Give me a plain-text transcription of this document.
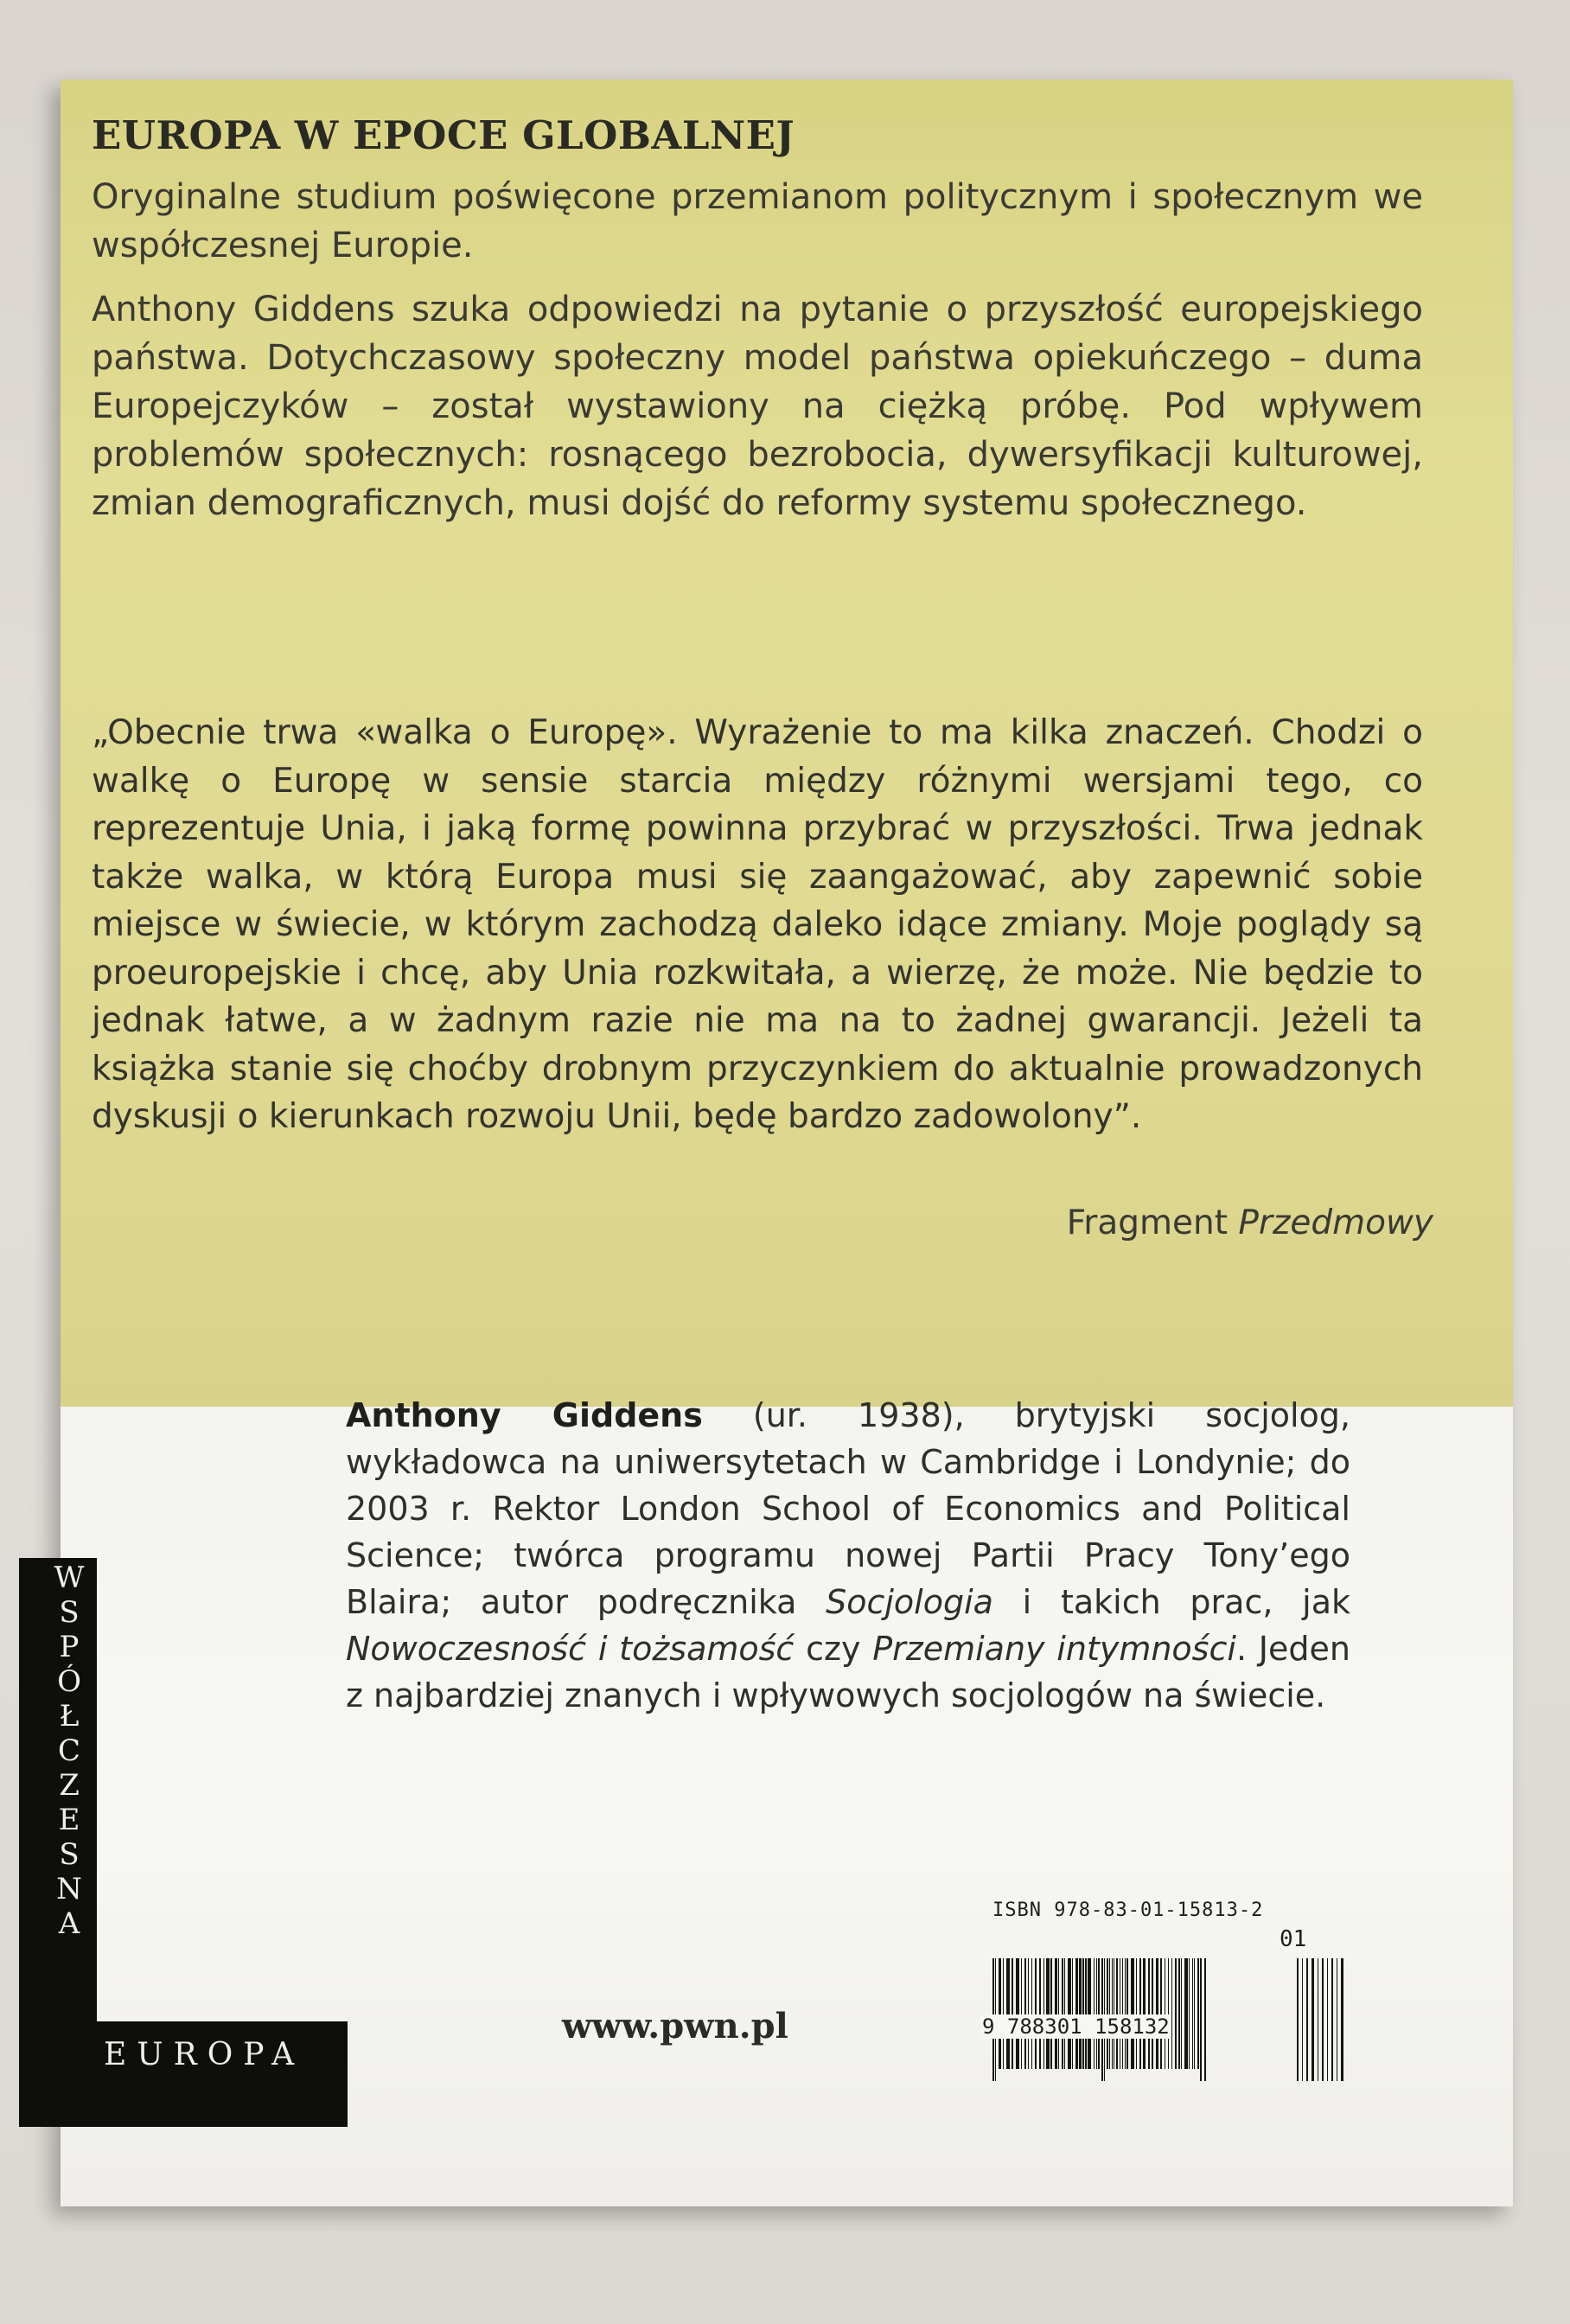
EUROPA W EPOCE GLOBALNEJ
Oryginalne studium poświęcone przemianom politycznym i społecznym we współczesnej Europie.
Anthony Giddens szuka odpowiedzi na pytanie o przyszłość europejskiego państwa. Dotychczasowy społeczny model państwa opiekuńczego – duma Europejczyków – został wystawiony na ciężką próbę. Pod wpływem problemów społecznych: rosnącego bezrobocia, dywersyfikacji kulturowej, zmian demograficznych, musi dojść do reformy systemu społecznego.
„Obecnie trwa «walka o Europę». Wyrażenie to ma kilka znaczeń. Chodzi o walkę o Europę w sensie starcia między różnymi wersjami tego, co reprezentuje Unia, i jaką formę powinna przybrać w przyszłości. Trwa jednak także walka, w którą Europa musi się zaangażować, aby zapewnić sobie miejsce w świecie, w którym zachodzą daleko idące zmiany. Moje poglądy są proeuropejskie i chcę, aby Unia rozkwitała, a wierzę, że może. Nie będzie to jednak łatwe, a w żadnym razie nie ma na to żadnej gwarancji. Jeżeli ta książka stanie się choćby drobnym przyczynkiem do aktualnie prowadzonych dyskusji o kierunkach rozwoju Unii, będę bardzo zadowolony”.
Fragment Przedmowy
Anthony Giddens (ur. 1938), brytyjski socjolog, wykładowca na uniwersytetach w Cambridge i Londynie; do 2003 r. Rektor London School of Economics and Political Science; twórca programu nowej Partii Pracy Tony’ego Blaira; autor podręcznika Socjologia i takich prac, jak Nowoczesność i tożsamość czy Przemiany intymności. Jeden z najbardziej znanych i wpływowych socjologów na świecie.
WSPÓŁCZESNA
EUROPA
www.pwn.pl
ISBN 978-83-01-15813-2
01
9 788301 158132
